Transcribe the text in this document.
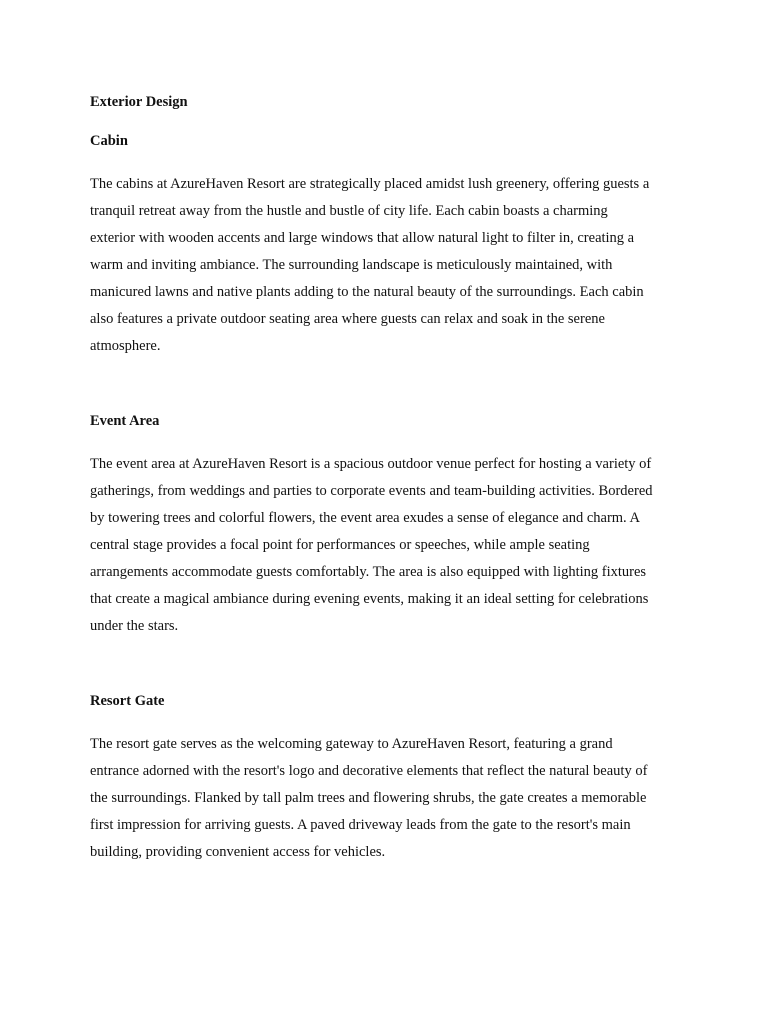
Exterior Design
Cabin

The cabins at AzureHaven Resort are strategically placed amidst lush greenery, offering guests a
tranquil retreat away from the hustle and bustle of city life. Each cabin boasts a charming
exterior with wooden accents and large windows that allow natural light to filter in, creating a
warm and inviting ambiance. The surrounding landscape is meticulously maintained, with
manicured lawns and native plants adding to the natural beauty of the surroundings. Each cabin
also features a private outdoor seating area where guests can relax and soak in the serene
atmosphere.

Event Area

The event area at AzureHaven Resort is a spacious outdoor venue perfect for hosting a variety of
gatherings, from weddings and parties to corporate events and team-building activities. Bordered
by towering trees and colorful flowers, the event area exudes a sense of elegance and charm. A
central stage provides a focal point for performances or speeches, while ample seating
arrangements accommodate guests comfortably. The area is also equipped with lighting fixtures
that create a magical ambiance during evening events, making it an ideal setting for celebrations
under the stars.

Resort Gate

The resort gate serves as the welcoming gateway to AzureHaven Resort, featuring a grand
entrance adorned with the resort's logo and decorative elements that reflect the natural beauty of
the surroundings. Flanked by tall palm trees and flowering shrubs, the gate creates a memorable
first impression for arriving guests. A paved driveway leads from the gate to the resort's main
building, providing convenient access for vehicles.
